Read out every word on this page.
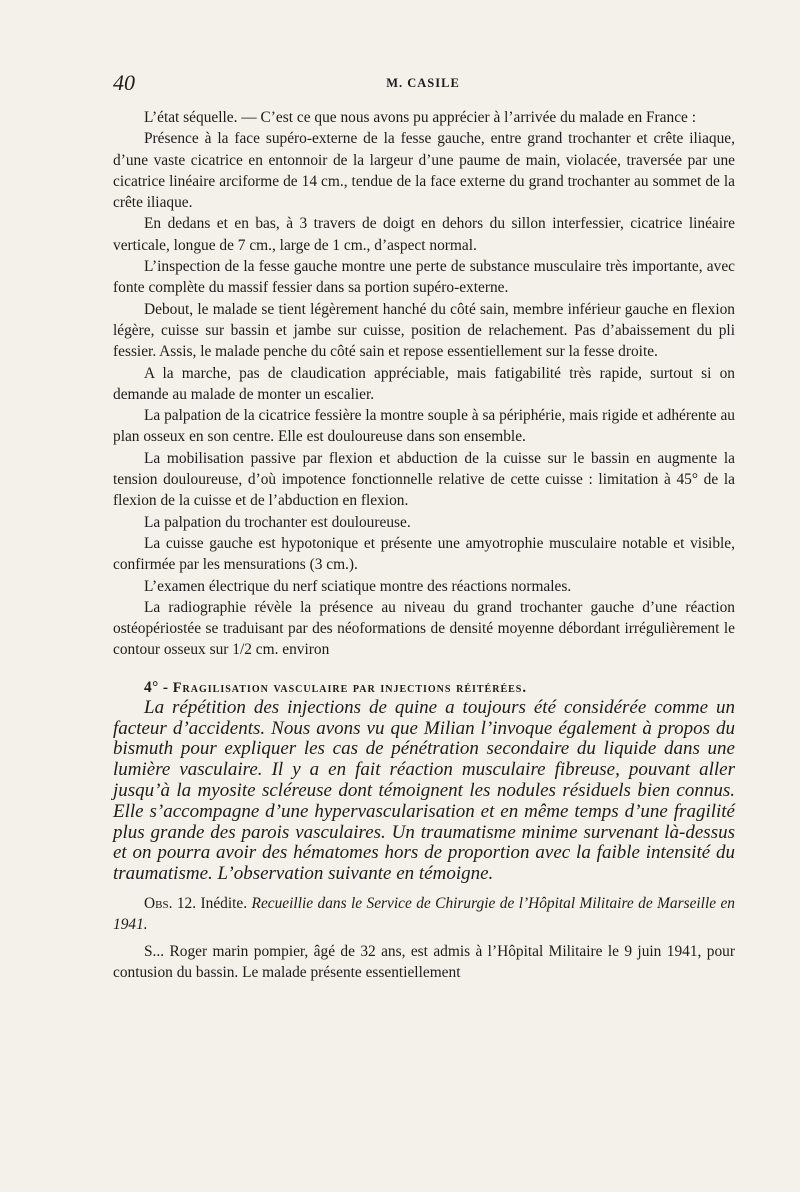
40	M. CASILE

L’état séquelle. — C’est ce que nous avons pu apprécier à l’arrivée du malade en France :

Présence à la face supéro-externe de la fesse gauche, entre grand trochanter et crête iliaque, d’une vaste cicatrice en entonnoir de la largeur d’une paume de main, violacée, traversée par une cicatrice linéaire arciforme de 14 cm., tendue de la face externe du grand trochanter au sommet de la crête iliaque.

En dedans et en bas, à 3 travers de doigt en dehors du sillon interfessier, cicatrice linéaire verticale, longue de 7 cm., large de 1 cm., d’aspect normal.

L’inspection de la fesse gauche montre une perte de substance musculaire très importante, avec fonte complète du massif fessier dans sa portion supéro-externe.

Debout, le malade se tient légèrement hanché du côté sain, membre inférieur gauche en flexion légère, cuisse sur bassin et jambe sur cuisse, position de relachement. Pas d’abaissement du pli fessier. Assis, le malade penche du côté sain et repose essentiellement sur la fesse droite.

A la marche, pas de claudication appréciable, mais fatigabilité très rapide, surtout si on demande au malade de monter un escalier.

La palpation de la cicatrice fessière la montre souple à sa périphérie, mais rigide et adhérente au plan osseux en son centre. Elle est douloureuse dans son ensemble.

La mobilisation passive par flexion et abduction de la cuisse sur le bassin en augmente la tension douloureuse, d’où impotence fonctionnelle relative de cette cuisse : limitation à 45° de la flexion de la cuisse et de l’abduction en flexion.

La palpation du trochanter est douloureuse.

La cuisse gauche est hypotonique et présente une amyotrophie musculaire notable et visible, confirmée par les mensurations (3 cm.).

L’examen électrique du nerf sciatique montre des réactions normales.

La radiographie révèle la présence au niveau du grand trochanter gauche d’une réaction ostéopériostée se traduisant par des néoformations de densité moyenne débordant irrégulièrement le contour osseux sur 1/2 cm. environ

4° - Fragilisation vasculaire par injections réitérées.

La répétition des injections de quine a toujours été considérée comme un facteur d’accidents. Nous avons vu que Milian l’invoque également à propos du bismuth pour expliquer les cas de pénétration secondaire du liquide dans une lumière vasculaire. Il y a en fait réaction musculaire fibreuse, pouvant aller jusqu’à la myosite scléreuse dont témoignent les nodules résiduels bien connus. Elle s’accompagne d’une hypervascularisation et en même temps d’une fragilité plus grande des parois vasculaires. Un traumatisme minime survenant là-dessus et on pourra avoir des hématomes hors de proportion avec la faible intensité du traumatisme. L’observation suivante en témoigne.

Obs. 12. Inédite. Recueillie dans le Service de Chirurgie de l’Hôpital Militaire de Marseille en 1941.

S... Roger marin pompier, âgé de 32 ans, est admis à l’Hôpital Militaire le 9 juin 1941, pour contusion du bassin. Le malade présente essentiellement
